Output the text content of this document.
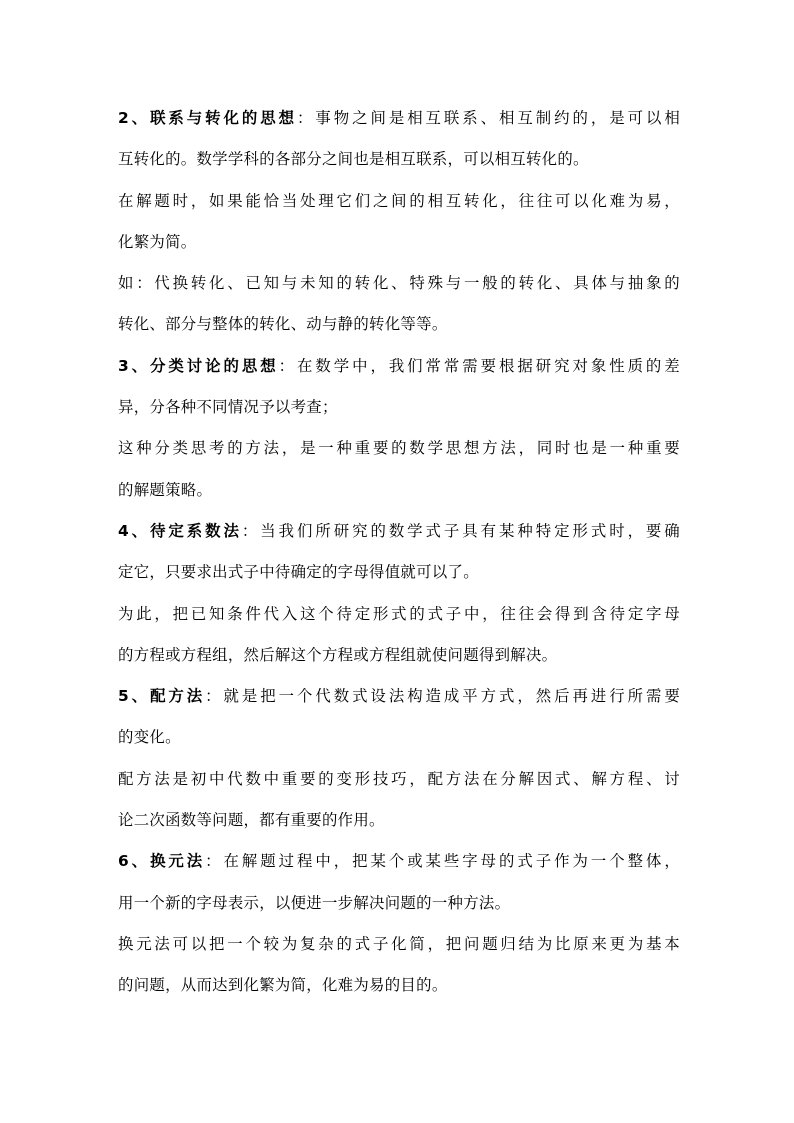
2、联系与转化的思想：事物之间是相互联系、相互制约的，是可以相
互转化的。数学学科的各部分之间也是相互联系，可以相互转化的。
在解题时，如果能恰当处理它们之间的相互转化，往往可以化难为易，
化繁为简。
如：代换转化、已知与未知的转化、特殊与一般的转化、具体与抽象的
转化、部分与整体的转化、动与静的转化等等。
3、分类讨论的思想：在数学中，我们常常需要根据研究对象性质的差
异，分各种不同情况予以考查；
这种分类思考的方法，是一种重要的数学思想方法，同时也是一种重要
的解题策略。
4、待定系数法：当我们所研究的数学式子具有某种特定形式时，要确
定它，只要求出式子中待确定的字母得值就可以了。
为此，把已知条件代入这个待定形式的式子中，往往会得到含待定字母
的方程或方程组，然后解这个方程或方程组就使问题得到解决。
5、配方法：就是把一个代数式设法构造成平方式，然后再进行所需要
的变化。
配方法是初中代数中重要的变形技巧，配方法在分解因式、解方程、讨
论二次函数等问题，都有重要的作用。
6、换元法：在解题过程中，把某个或某些字母的式子作为一个整体，
用一个新的字母表示，以便进一步解决问题的一种方法。
换元法可以把一个较为复杂的式子化简，把问题归结为比原来更为基本
的问题，从而达到化繁为简，化难为易的目的。
